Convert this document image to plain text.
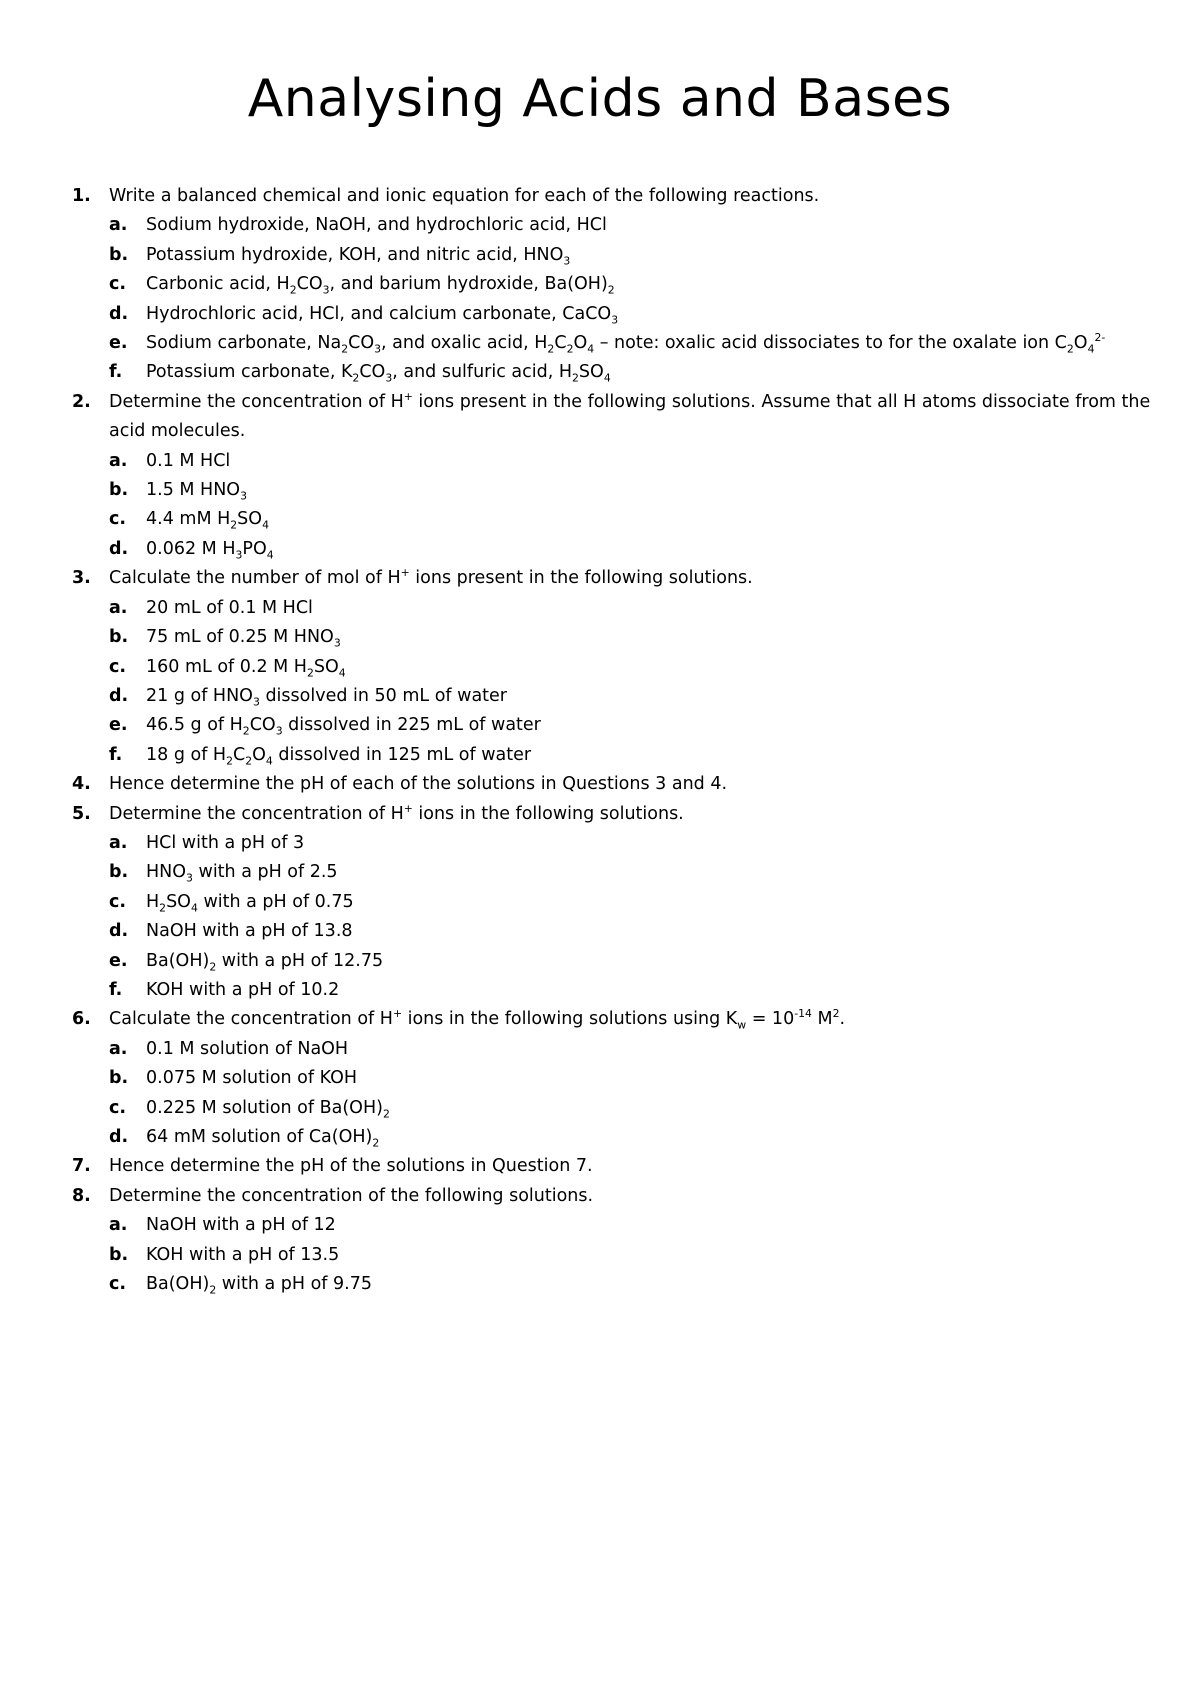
Analysing Acids and Bases
1.	Write a balanced chemical and ionic equation for each of the following reactions.
a.	Sodium hydroxide, NaOH, and hydrochloric acid, HCl
b.	Potassium hydroxide, KOH, and nitric acid, $HNO_3$
c.	Carbonic acid, $H_2CO_3$, and barium hydroxide, $Ba(OH)_2$
d.	Hydrochloric acid, HCl, and calcium carbonate, CaCO$_3$
e.	Sodium carbonate, $Na_2CO_3$, and oxalic acid, $H_2C_2O_4$ – note: oxalic acid dissociates to for the oxalate ion $C_2O_4^{2-}$
f.	Potassium carbonate, $K_2CO_3$, and sulfuric acid, $H_2SO_4$
2.	Determine the concentration of H+ ions present in the following solutions. Assume that all H atoms dissociate from the acid molecules.
a.	0.1 M HCl
b.	1.5 M $HNO_3$
c.	4.4 mM $H_2SO_4$
d.	0.062 M $H_3PO_4$
3.	Calculate the number of mol of H+ ions present in the following solutions.
a.	20 mL of 0.1 M HCl
b.	75 mL of 0.25 M $HNO_3$
c.	160 mL of 0.2 M $H_2SO_4$
d.	21 g of $HNO_3$ dissolved in 50 mL of water
e.	46.5 g of $H_2CO_3$ dissolved in 225 mL of water
f.	18 g of $H_2C_2O_4$ dissolved in 125 mL of water
4.	Hence determine the pH of each of the solutions in Questions 3 and 4.
5.	Determine the concentration of H+ ions in the following solutions.
a.	HCl with a pH of 3
b.	$HNO_3$ with a pH of 2.5
c.	$H_2SO_4$ with a pH of 0.75
d.	NaOH with a pH of 13.8
e.	$Ba(OH)_2$ with a pH of 12.75
f.	KOH with a pH of 10.2
6.	Calculate the concentration of H+ ions in the following solutions using $K_w = 10^{-14}$ $M^2$.
a.	0.1 M solution of NaOH
b.	0.075 M solution of KOH
c.	0.225 M solution of $Ba(OH)_2$
d.	64 mM solution of $Ca(OH)_2$
7.	Hence determine the pH of the solutions in Question 7.
8.	Determine the concentration of the following solutions.
a.	NaOH with a pH of 12
b.	KOH with a pH of 13.5
c.	$Ba(OH)_2$ with a pH of 9.75
